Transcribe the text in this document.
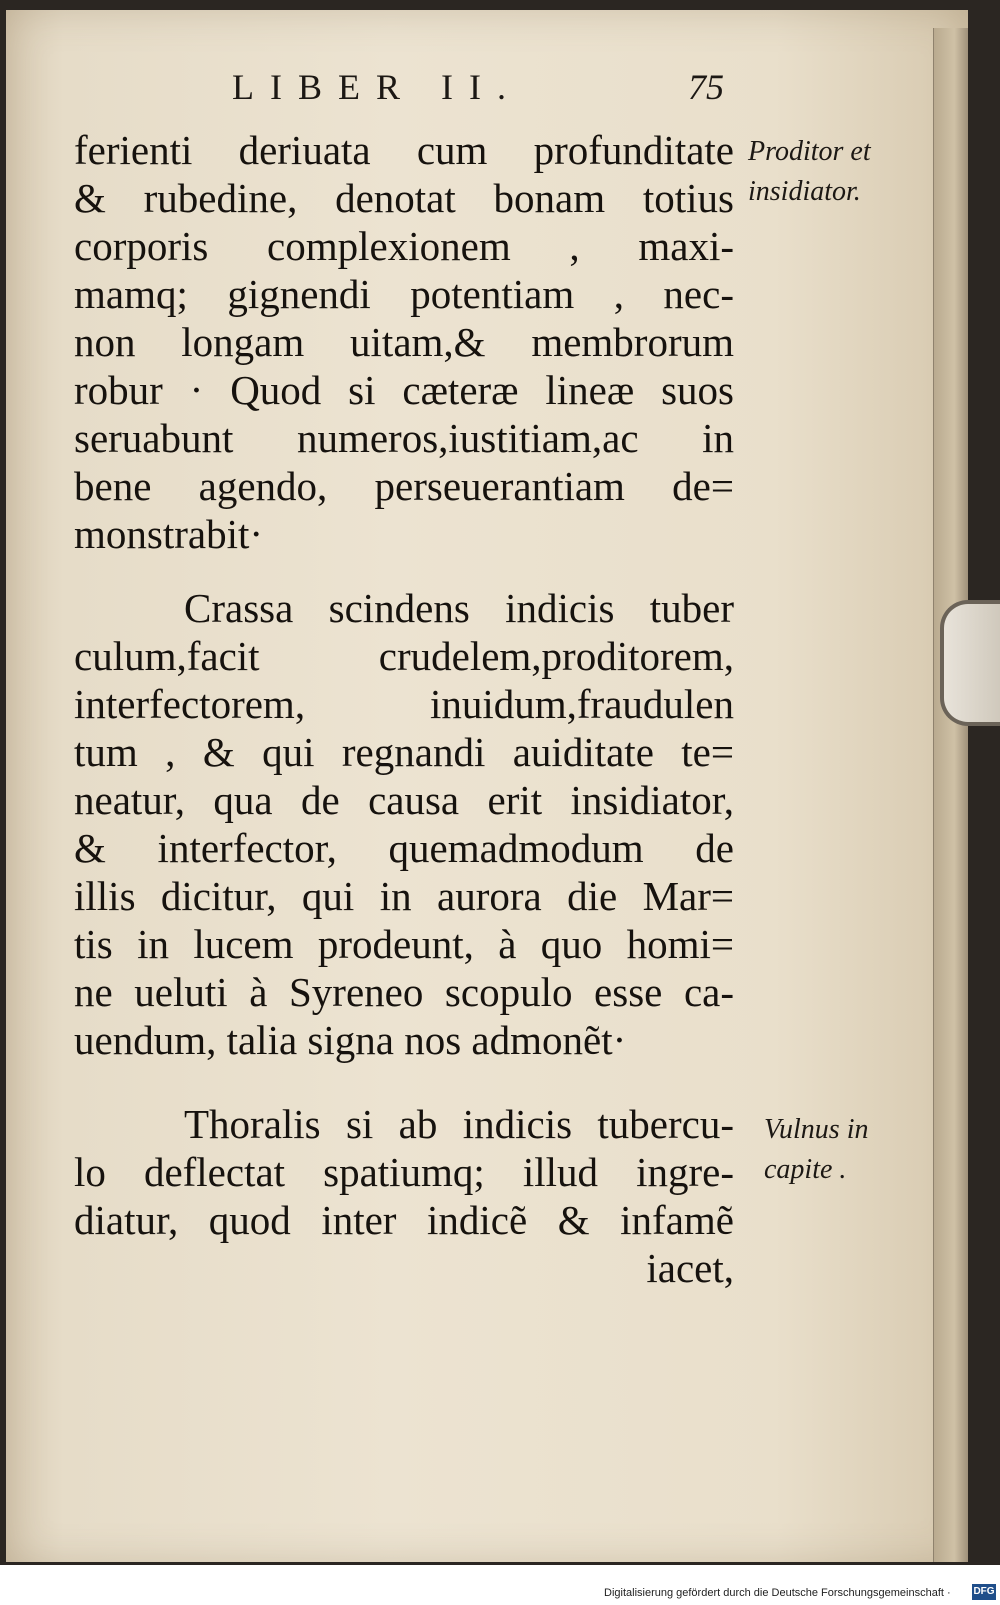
LIBER II.	75
ferienti deriuata cum profunditate
& rubedine, denotat bonam totius
corporis complexionem , maxi-
mamq; gignendi potentiam , nec-
non longam uitam,& membrorum
robur · Quod si cæteræ lineæ suos
seruabunt numeros,iustitiam,ac in
bene agendo, perseuerantiam de=
monstrabit·
Crassa scindens indicis tuber
culum,facit crudelem,proditorem,
interfectorem, inuidum,fraudulen
tum , & qui regnandi auiditate te=
neatur, qua de causa erit insidiator,
& interfector, quemadmodum de
illis dicitur, qui in aurora die Mar=
tis in lucem prodeunt, à quo homi=
ne ueluti à Syreneo scopulo esse ca-
uendum, talia signa nos admonẽt·
Thoralis si ab indicis tubercu-
lo deflectat spatiumq; illud ingre-
diatur, quod inter indicẽ & infamẽ
iacet,
Proditor et
insidiator.
Vulnus in
capite .
Digitalisierung gefördert durch die Deutsche Forschungsgemeinschaft · DFG
